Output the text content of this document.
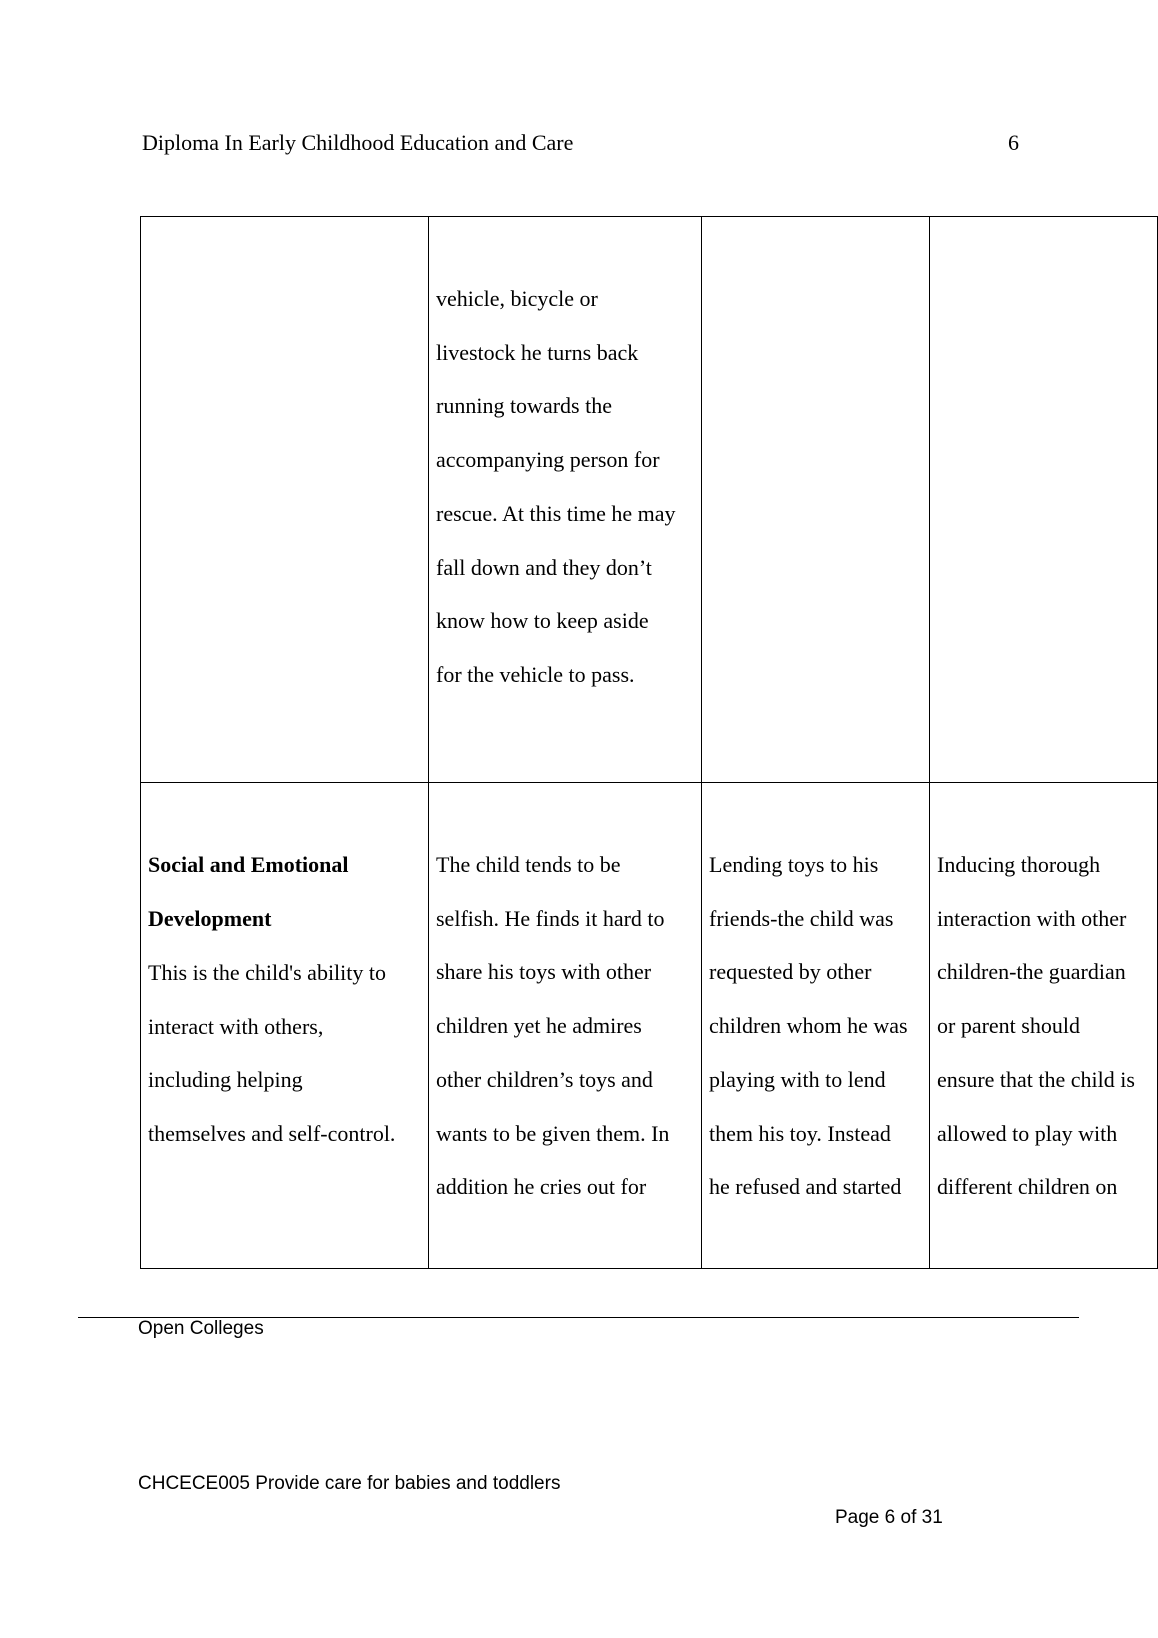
Diploma In Early Childhood Education and Care	6
vehicle, bicycle or
livestock he turns back
running towards the
accompanying person for
rescue. At this time he may
fall down and they don’t
know how to keep aside
for the vehicle to pass.
Social and Emotional
Development
This is the child's ability to
interact with others,
including helping
themselves and self-control.
The child tends to be
selfish. He finds it hard to
share his toys with other
children yet he admires
other children’s toys and
wants to be given them. In
addition he cries out for
Lending toys to his
friends-the child was
requested by other
children whom he was
playing with to lend
them his toy. Instead
he refused and started
Inducing thorough
interaction with other
children-the guardian
or parent should
ensure that the child is
allowed to play with
different children on
Open Colleges
CHCECE005 Provide care for babies and toddlers
Page 6 of 31
